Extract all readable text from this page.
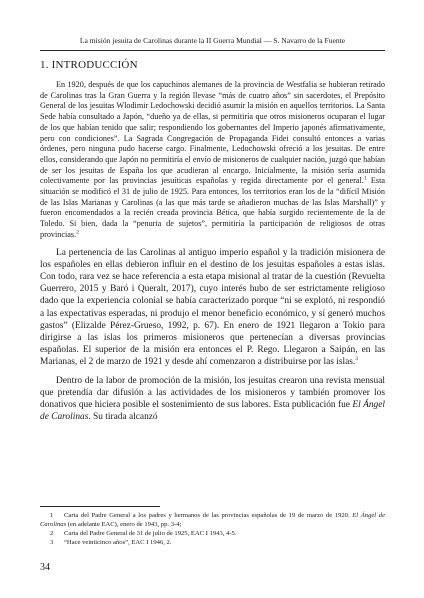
La misión jesuita de Carolinas durante la II Guerra Mundial — S. Navarro de la Fuente
1. INTRODUCCIÓN

En 1920, después de que los capuchinos alemanes de la provincia de Westfalia se hubieran retirado de Carolinas tras la Gran Guerra y la región llevase “más de cuatro años” sin sacerdotes, el Prepósito General de los jesuitas Wlodimir Ledochowski decidió asumir la misión en aquellos territorios. La Santa Sede había consultado a Japón, “dueño ya de ellas, si permitiría que otros misioneros ocuparan el lugar de los que habían tenido que salir; respondiendo los gobernantes del Imperio japonés afirmativamente, pero con condiciones”. La Sagrada Congregación de Propaganda Fidei consultó entonces a varias órdenes, pero ninguna pudo hacerse cargo. Finalmente, Ledochowski ofreció a los jesuitas. De entre ellos, considerando que Japón no permitiría el envío de misioneros de cualquier nación, juzgó que habían de ser los jesuitas de España los que acudieran al encargo. Inicialmente, la misión sería asumida colectivamente por las provincias jesuíticas españolas y regida directamente por el general.$^1$ Esta situación se modificó el 31 de julio de 1925. Para entonces, los territorios eran los de la “difícil Misión de las Islas Marianas y Carolinas (a las que más tarde se añadieron muchas de las Islas Marshall)” y fueron encomendados a la recién creada provincia Bética, que había surgido recientemente de la de Toledo. Si bien, dada la “penuria de sujetos”, permitiría la participación de religiosos de otras provincias.$^2$

La pertenencia de las Carolinas al antiguo imperio español y la tradición misionera de los españoles en ellas debieron influir en el destino de los jesuitas españoles a estas islas. Con todo, rara vez se hace referencia a esta etapa misional al tratar de la cuestión (Revuelta Guerrero, 2015 y Baró i Queralt, 2017), cuyo interés hubo de ser estrictamente religioso dado que la experiencia colonial se había caracterizado porque “ni se explotó, ni respondió a las expectativas esperadas, ni produjo el menor beneficio económico, y sí generó muchos gastos” (Elizalde Pérez-Grueso, 1992, p. 67). En enero de 1921 llegaron a Tokio para dirigirse a las islas los primeros misioneros que pertenecían a diversas provincias españolas. El superior de la misión era entonces el P. Rego. Llegaron a Saipán, en las Marianas, el 2 de marzo de 1921 y desde ahí comenzaron a distribuirse por las islas.$^3$

Dentro de la labor de promoción de la misión, los jesuitas crearon una revista mensual que pretendía dar difusión a las actividades de los misioneros y también promover los donativos que hiciera posible el sostenimiento de sus labores. Esta publicación fue El Ángel de Carolinas. Su tirada alcanzó

1 Carta del Padre General a los padres y hermanos de las provincias españolas de 19 de marzo de 1920. El Ángel de Carolinas (en adelante EAC), enero de 1943, pp. 3-4;

2 Carta del Padre General de 31 de julio de 1925, EAC I 1943, 4-5.

3 “Hace veinticinco años”, EAC I 1946, 2.

34
